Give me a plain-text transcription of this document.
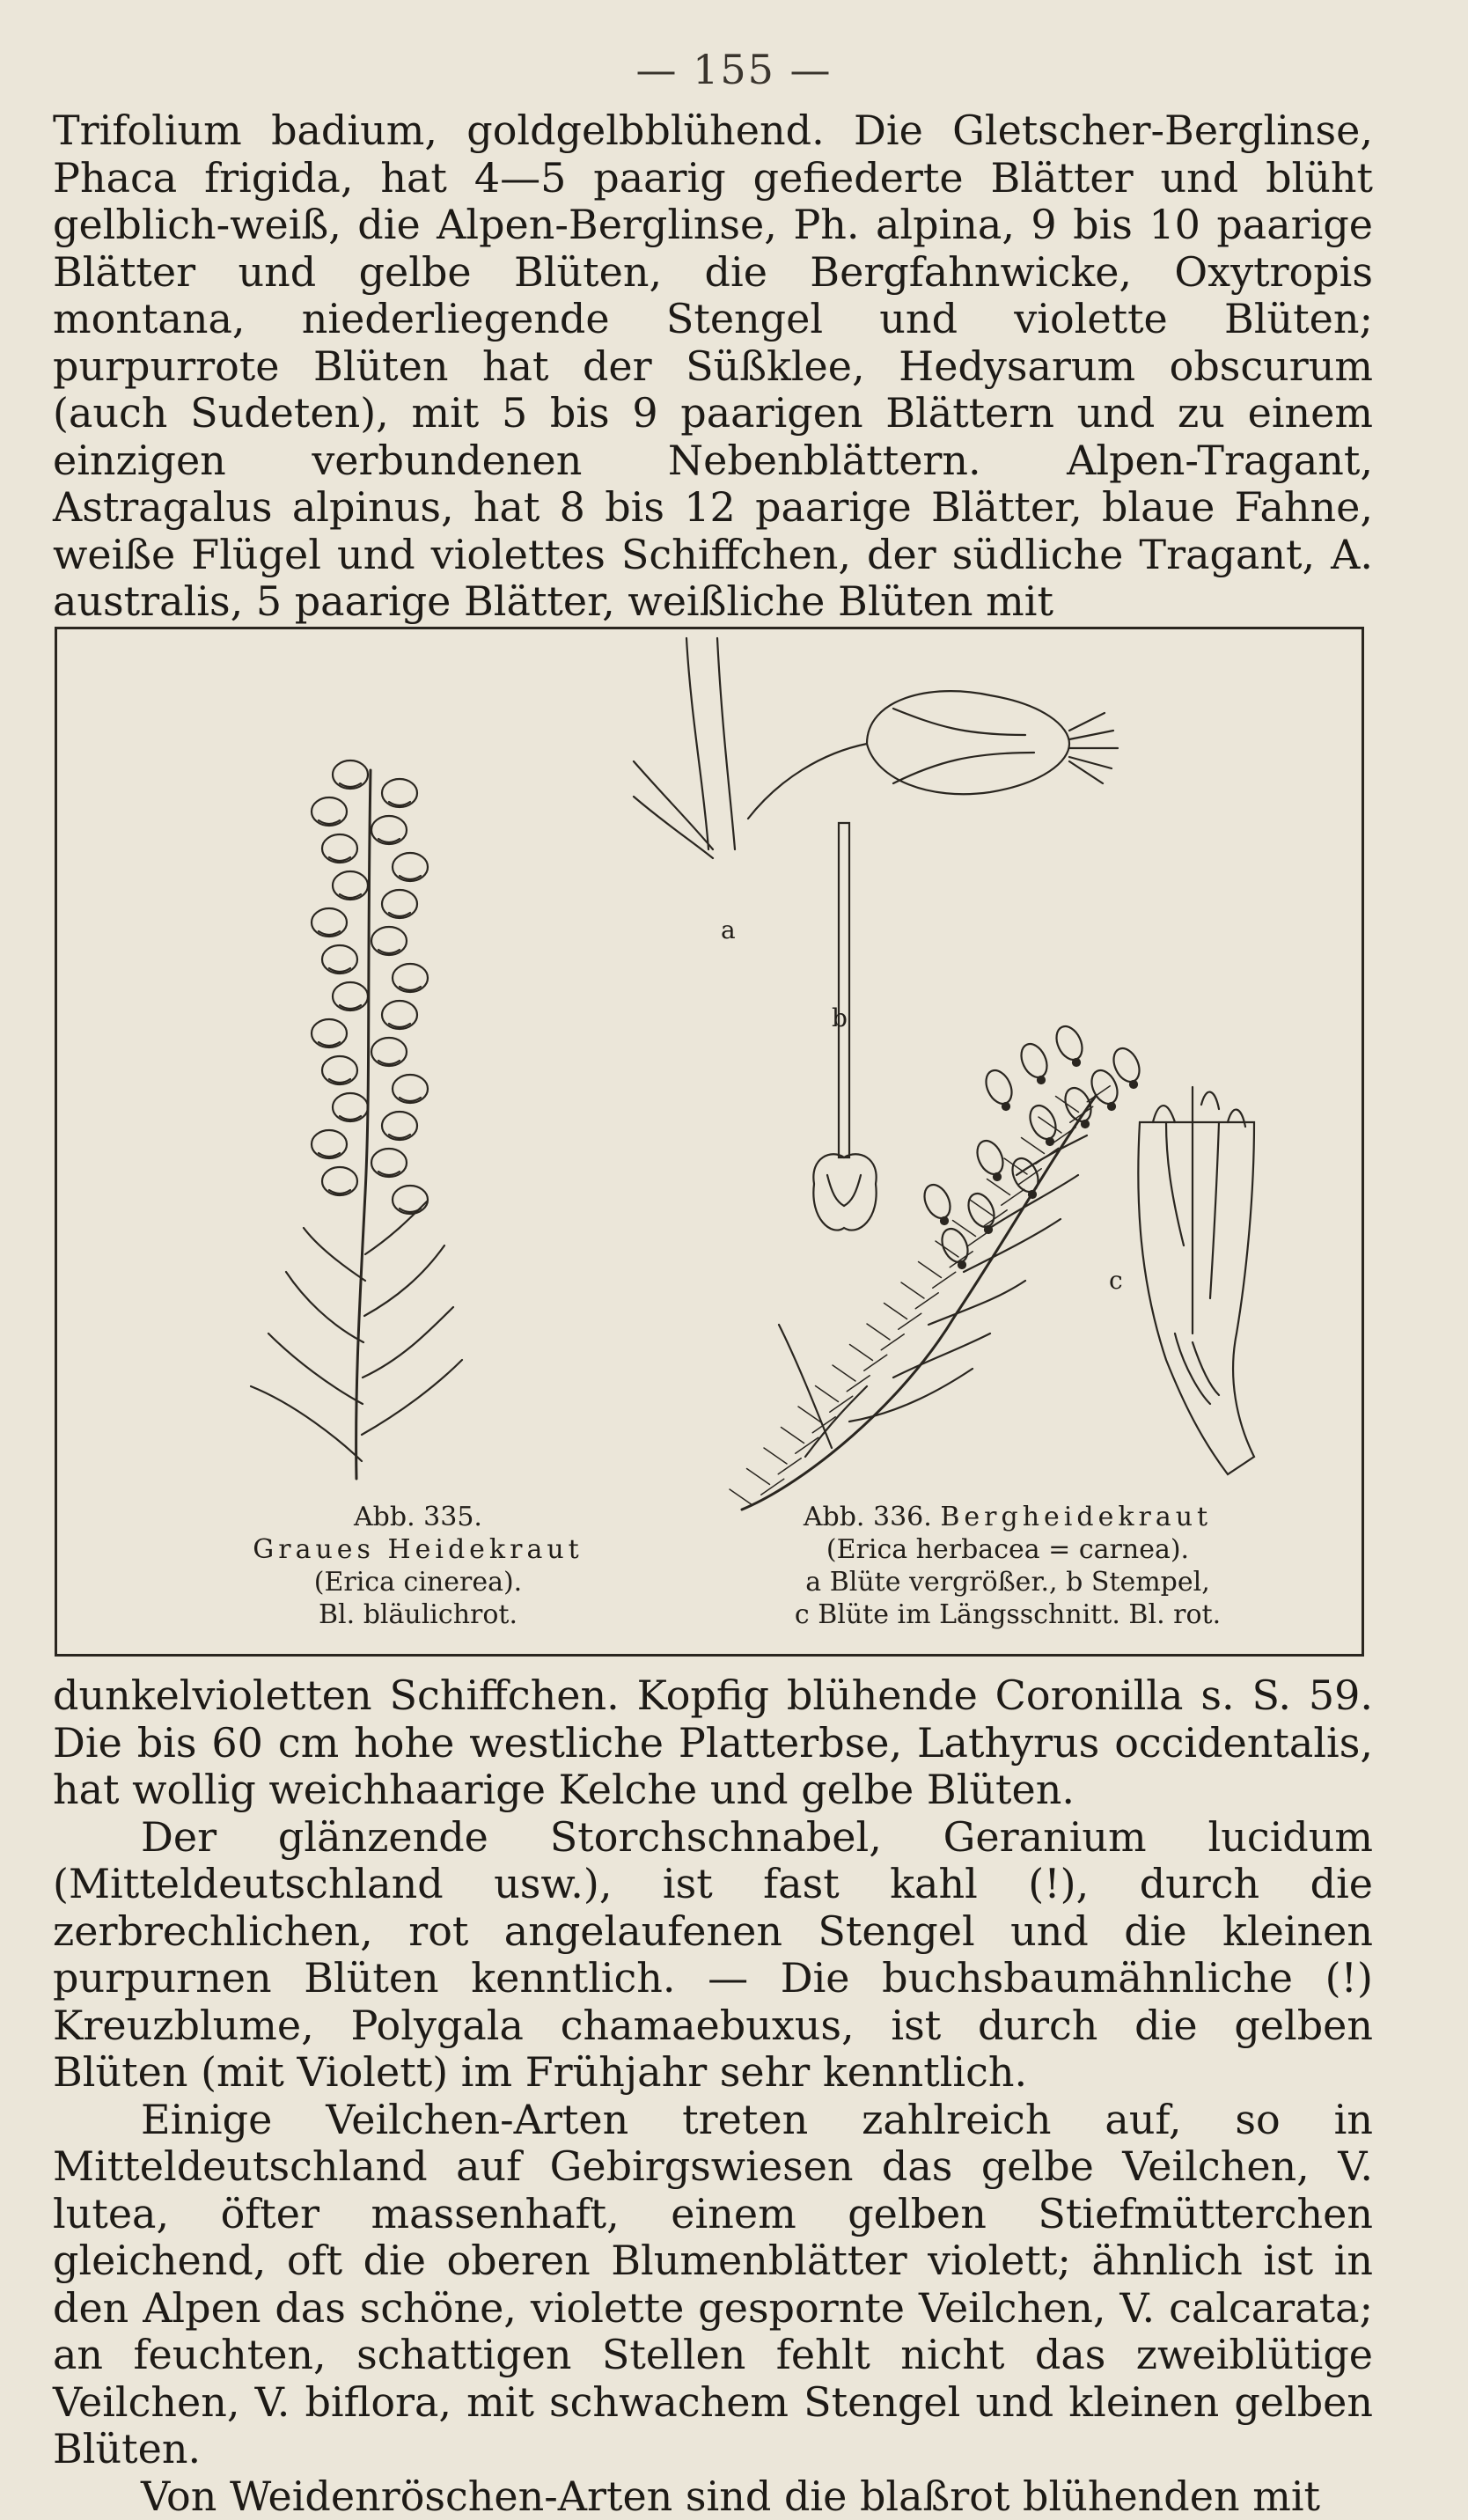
— 155 —

Trifolium badium, goldgelbblühend. Die Gletscher-Berglinse, Phaca frigida, hat 4—5 paarig gefiederte Blätter und blüht gelblich-weiß, die Alpen-Berglinse, Ph. alpina, 9 bis 10 paarige Blätter und gelbe Blüten, die Bergfahnwicke, Oxytropis montana, niederliegende Stengel und violette Blüten; purpurrote Blüten hat der Süßklee, Hedysarum obscurum (auch Sudeten), mit 5 bis 9 paarigen Blättern und zu einem einzigen verbundenen Nebenblättern. Alpen-Tragant, Astragalus alpinus, hat 8 bis 12 paarige Blätter, blaue Fahne, weiße Flügel und violettes Schiffchen, der südliche Tragant, A. australis, 5 paarige Blätter, weißliche Blüten mit

a
b
c
Abb. 335.
Graues Heidekraut
(Erica cinerea).
Bl. bläulichrot.
Abb. 336. Bergheidekraut
(Erica herbacea = carnea).
a Blüte vergrößer., b Stempel,
c Blüte im Längsschnitt. Bl. rot.

dunkelvioletten Schiffchen. Kopfig blühende Coronilla s. S. 59. Die bis 60 cm hohe westliche Platterbse, Lathyrus occidentalis, hat wollig weichhaarige Kelche und gelbe Blüten.

Der glänzende Storchschnabel, Geranium lucidum (Mitteldeutschland usw.), ist fast kahl (!), durch die zerbrechlichen, rot angelaufenen Stengel und die kleinen purpurnen Blüten kenntlich. — Die buchsbaumähnliche (!) Kreuzblume, Polygala chamaebuxus, ist durch die gelben Blüten (mit Violett) im Frühjahr sehr kenntlich.

Einige Veilchen-Arten treten zahlreich auf, so in Mitteldeutschland auf Gebirgswiesen das gelbe Veilchen, V. lutea, öfter massenhaft, einem gelben Stiefmütterchen gleichend, oft die oberen Blumenblätter violett; ähnlich ist in den Alpen das schöne, violette gespornte Veilchen, V. calcarata; an feuchten, schattigen Stellen fehlt nicht das zweiblütige Veilchen, V. biflora, mit schwachem Stengel und kleinen gelben Blüten.

Von Weidenröschen-Arten sind die blaßrot blühenden mit
